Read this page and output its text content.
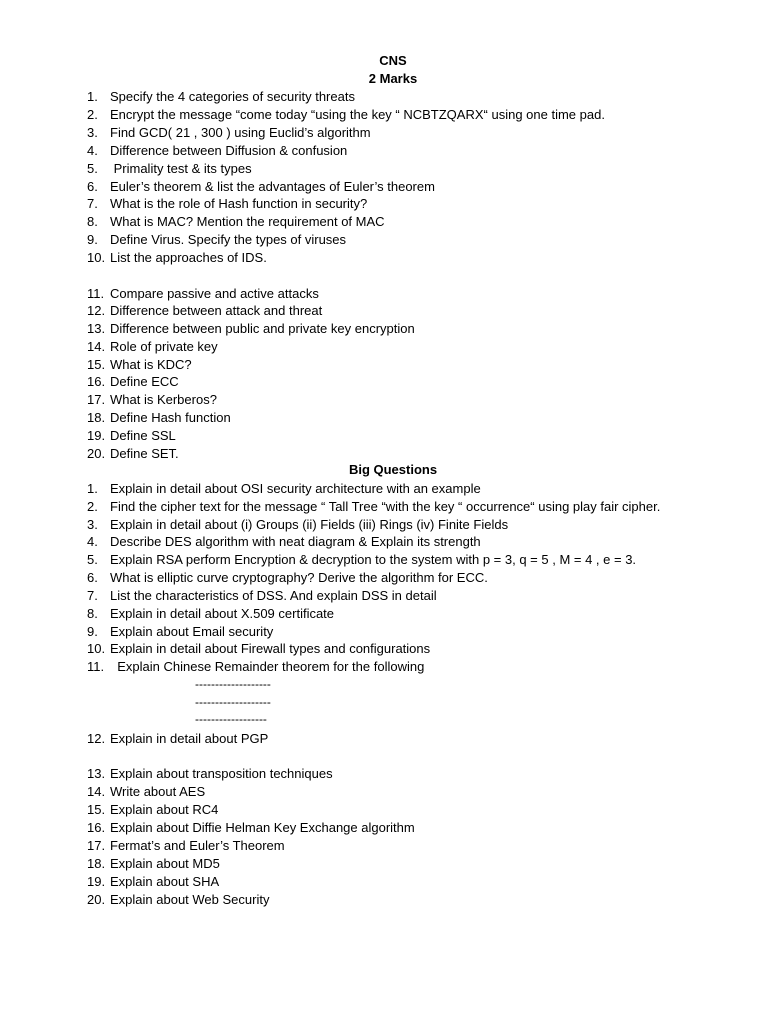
CNS
2 Marks
1. Specify the 4 categories of security threats
2. Encrypt the message “come today “using the key “ NCBTZQARX“ using one time pad.
3. Find GCD( 21 , 300 ) using Euclid’s algorithm
4. Difference between Diffusion & confusion
5. Primality test & its types
6. Euler’s theorem & list the advantages of Euler’s theorem
7. What is the role of Hash function in security?
8. What is MAC? Mention the requirement of MAC
9. Define Virus. Specify the types of viruses
10. List the approaches of IDS.
11. Compare passive and active attacks
12. Difference between attack and threat
13. Difference between public and private key encryption
14. Role of private key
15. What is KDC?
16. Define ECC
17. What is Kerberos?
18. Define Hash function
19. Define SSL
20. Define SET.
Big Questions
1. Explain in detail about OSI security architecture with an example
2. Find the cipher text for the message “ Tall Tree “with the key “ occurrence“ using play fair cipher.
3. Explain in detail about (i) Groups (ii) Fields (iii) Rings (iv) Finite Fields
4. Describe DES algorithm with neat diagram & Explain its strength
5. Explain RSA perform Encryption & decryption to the system with p = 3, q = 5 , M = 4 , e = 3.
6. What is elliptic curve cryptography? Derive the algorithm for ECC.
7. List the characteristics of DSS. And explain DSS in detail
8. Explain in detail about X.509 certificate
9. Explain about Email security
10. Explain in detail about Firewall types and configurations
11.  Explain Chinese Remainder theorem for the following
-------------------
-------------------
------------------
12. Explain in detail about PGP
13. Explain about transposition techniques
14. Write about AES
15. Explain about RC4
16. Explain about Diffie Helman Key Exchange algorithm
17. Fermat’s and Euler’s Theorem
18. Explain about MD5
19. Explain about SHA
20. Explain about Web Security
